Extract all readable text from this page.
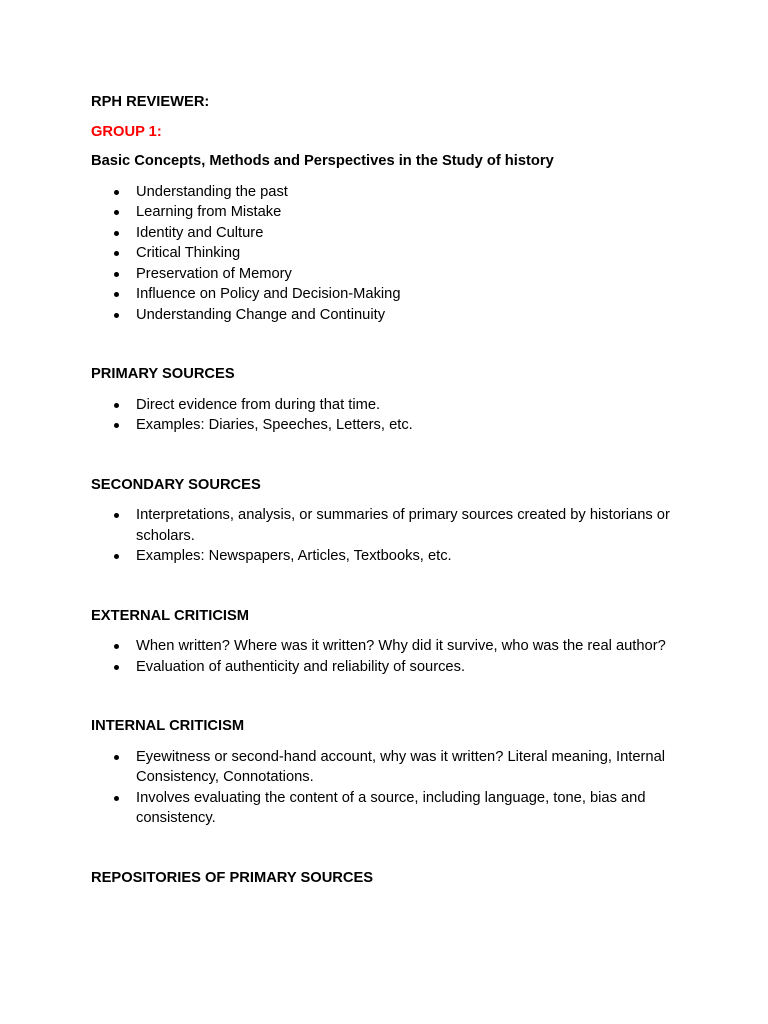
RPH REVIEWER:

GROUP 1:

Basic Concepts, Methods and Perspectives in the Study of history

Understanding the past
Learning from Mistake
Identity and Culture
Critical Thinking
Preservation of Memory
Influence on Policy and Decision-Making
Understanding Change and Continuity

PRIMARY SOURCES

Direct evidence from during that time.
Examples: Diaries, Speeches, Letters, etc.

SECONDARY SOURCES

Interpretations, analysis, or summaries of primary sources created by historians or scholars.
Examples: Newspapers, Articles, Textbooks, etc.

EXTERNAL CRITICISM

When written? Where was it written? Why did it survive, who was the real author?
Evaluation of authenticity and reliability of sources.

INTERNAL CRITICISM

Eyewitness or second-hand account, why was it written? Literal meaning, Internal Consistency, Connotations.
Involves evaluating the content of a source, including language, tone, bias and consistency.

REPOSITORIES OF PRIMARY SOURCES
